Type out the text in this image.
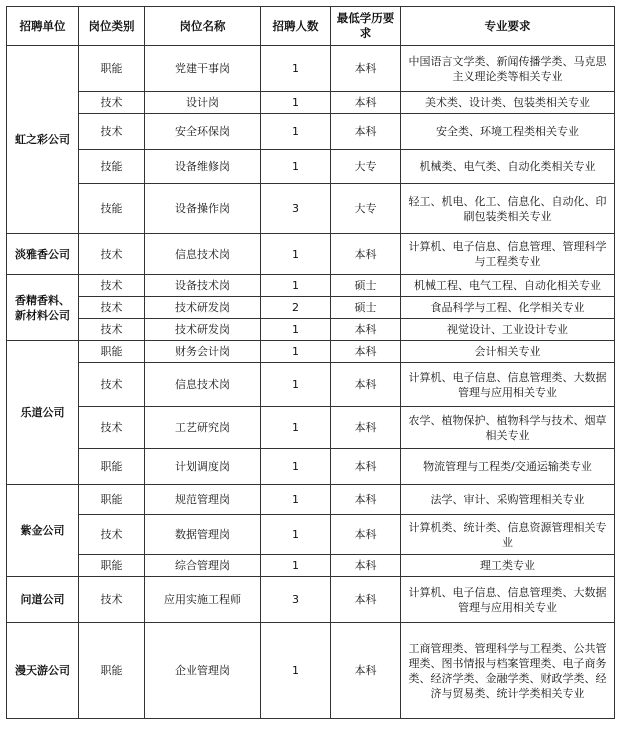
招聘单位	岗位类别	岗位名称	招聘人数	最低学历要求	专业要求
虹之彩公司	职能	党建干事岗	1	本科	中国语言文学类、新闻传播学类、马克思主义理论类等相关专业
	技术	设计岗	1	本科	美术类、设计类、包装类相关专业
	技术	安全环保岗	1	本科	安全类、环境工程类相关专业
	技能	设备维修岗	1	大专	机械类、电气类、自动化类相关专业
	技能	设备操作岗	3	大专	轻工、机电、化工、信息化、自动化、印刷包装类相关专业
淡雅香公司	技术	信息技术岗	1	本科	计算机、电子信息、信息管理、管理科学与工程类专业
香精香料、新材料公司	技术	设备技术岗	1	硕士	机械工程、电气工程、自动化相关专业
	技术	技术研发岗	2	硕士	食品科学与工程、化学相关专业
	技术	技术研发岗	1	本科	视觉设计、工业设计专业
乐道公司	职能	财务会计岗	1	本科	会计相关专业
	技术	信息技术岗	1	本科	计算机、电子信息、信息管理类、大数据管理与应用相关专业
	技术	工艺研究岗	1	本科	农学、植物保护、植物科学与技术、烟草相关专业
	职能	计划调度岗	1	本科	物流管理与工程类/交通运输类专业
紫金公司	职能	规范管理岗	1	本科	法学、审计、采购管理相关专业
	技术	数据管理岗	1	本科	计算机类、统计类、信息资源管理相关专业
	职能	综合管理岗	1	本科	理工类专业
问道公司	技术	应用实施工程师	3	本科	计算机、电子信息、信息管理类、大数据管理与应用相关专业
漫天游公司	职能	企业管理岗	1	本科	工商管理类、管理科学与工程类、公共管理类、图书情报与档案管理类、电子商务类、经济学类、金融学类、财政学类、经济与贸易类、统计学类相关专业
